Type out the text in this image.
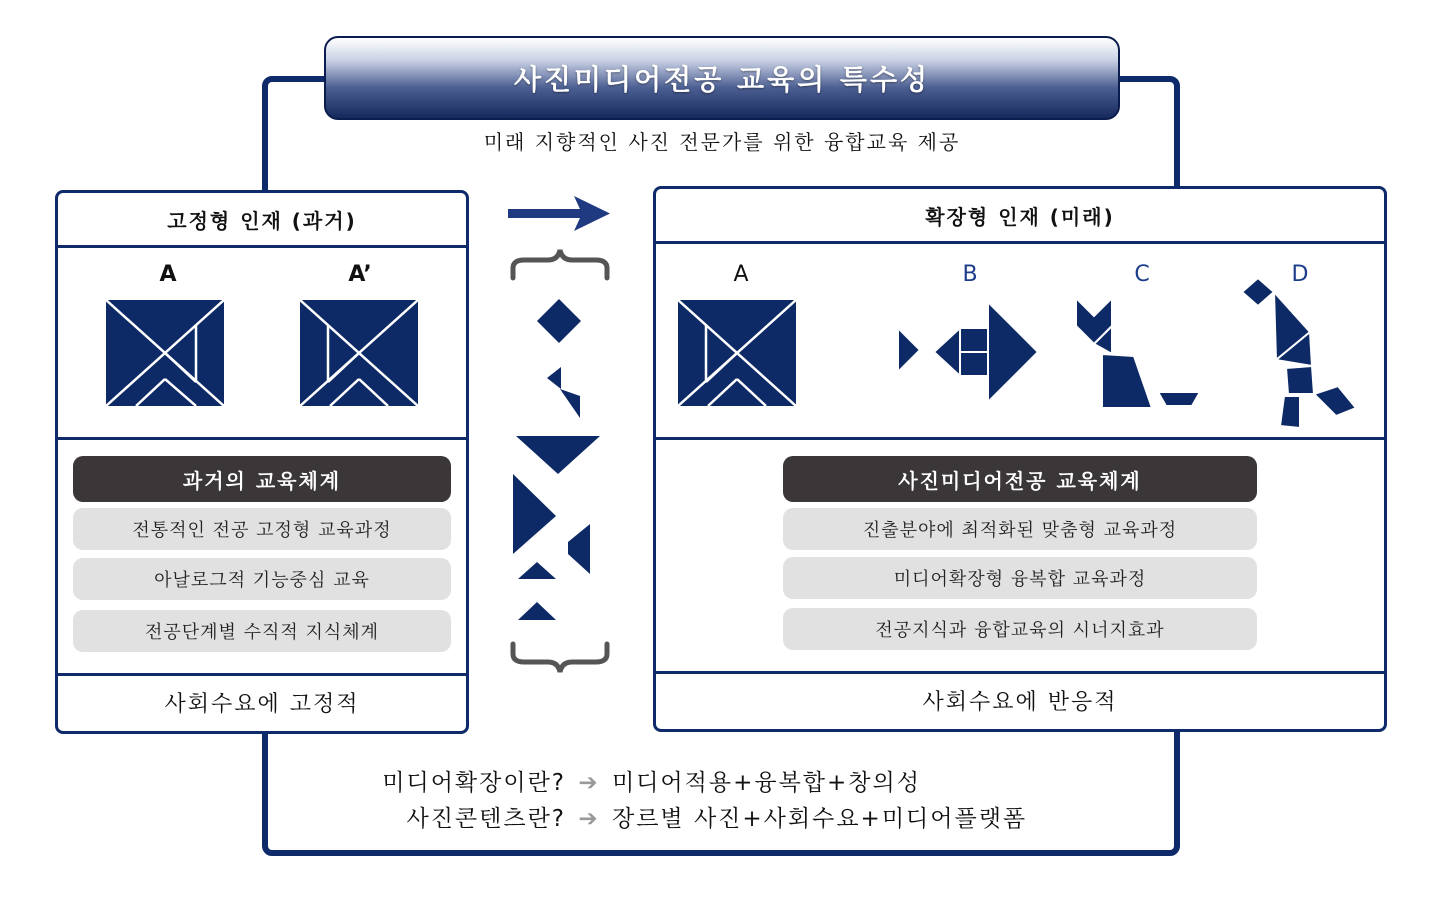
사진미디어전공 교육의 특수성
미래 지향적인 사진 전문가를 위한 융합교육 제공
고정형 인재 (과거)
사회수요에 고정적
A	A’
과거의 교육체계
전통적인 전공 고정형 교육과정
아날로그적 기능중심 교육
전공단계별 수직적 지식체계
확장형 인재 (미래)
사회수요에 반응적
A	B	C	D
사진미디어전공 교육체계
진출분야에 최적화된 맞춤형 교육과정
미디어확장형 융복합 교육과정
전공지식과 융합교육의 시너지효과
미디어확장이란? ➔ 미디어적용+융복합+창의성
사진콘텐츠란? ➔ 장르별 사진+사회수요+미디어플랫폼
